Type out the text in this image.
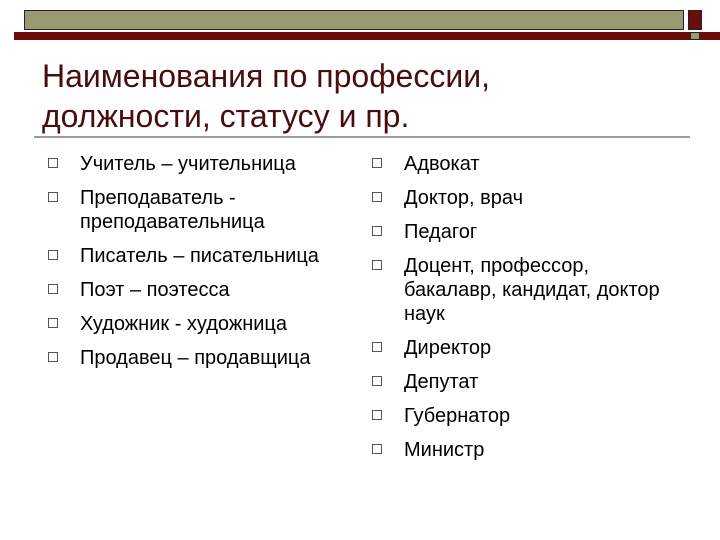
Наименования по профессии,
должности, статусу и пр.
Учитель – учительница
Преподаватель - преподавательница
Писатель – писательница
Поэт – поэтесса
Художник - художница
Продавец – продавщица
Адвокат
Доктор, врач
Педагог
Доцент, профессор, бакалавр, кандидат, доктор наук
Директор
Депутат
Губернатор
Министр
